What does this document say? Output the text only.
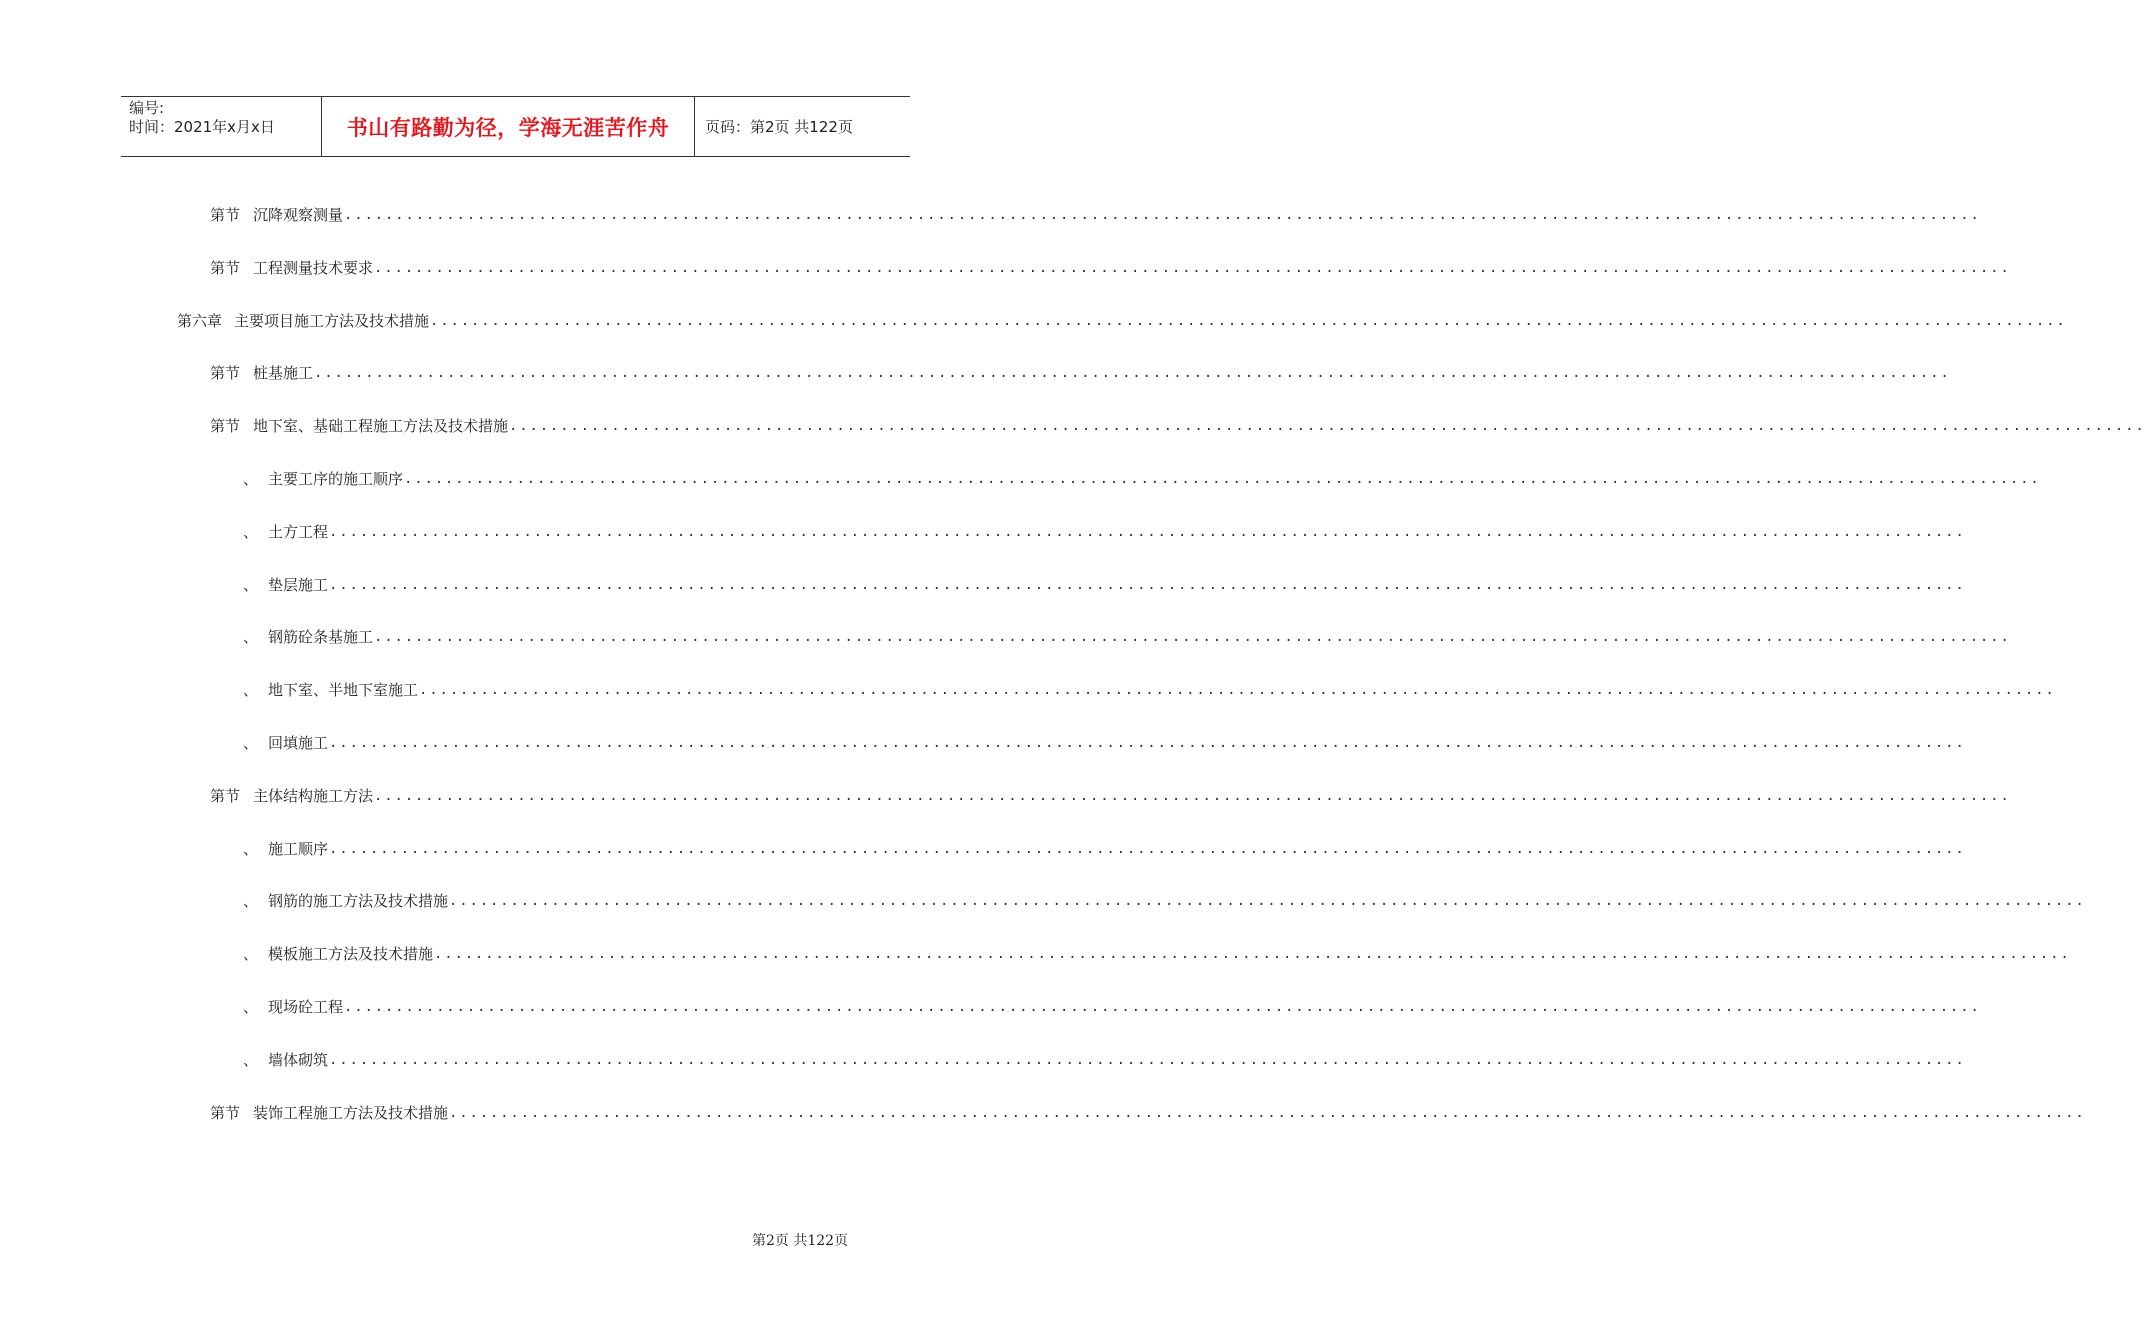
编号:
时间：2021年x月x日	书山有路勤为径，学海无涯苦作舟	页码：第2页 共122页
第节 沉降观察测量 ................................................................................................................................................................
第节 工程测量技术要求 ................................................................................................................................................................
第六章 主要项目施工方法及技术措施 ................................................................................................................................................................
第节 桩基施工 ................................................................................................................................................................
第节 地下室、基础工程施工方法及技术措施 ................................................................................................................................................................
、 主要工序的施工顺序 ................................................................................................................................................................
、 土方工程 ................................................................................................................................................................
、 垫层施工 ................................................................................................................................................................
、 钢筋砼条基施工 ................................................................................................................................................................
、 地下室、半地下室施工 ................................................................................................................................................................
、 回填施工 ................................................................................................................................................................
第节 主体结构施工方法 ................................................................................................................................................................
、 施工顺序 ................................................................................................................................................................
、 钢筋的施工方法及技术措施 ................................................................................................................................................................
、 模板施工方法及技术措施 ................................................................................................................................................................
、 现场砼工程 ................................................................................................................................................................
、 墙体砌筑 ................................................................................................................................................................
第节 装饰工程施工方法及技术措施 ................................................................................................................................................................
第2页 共122页
